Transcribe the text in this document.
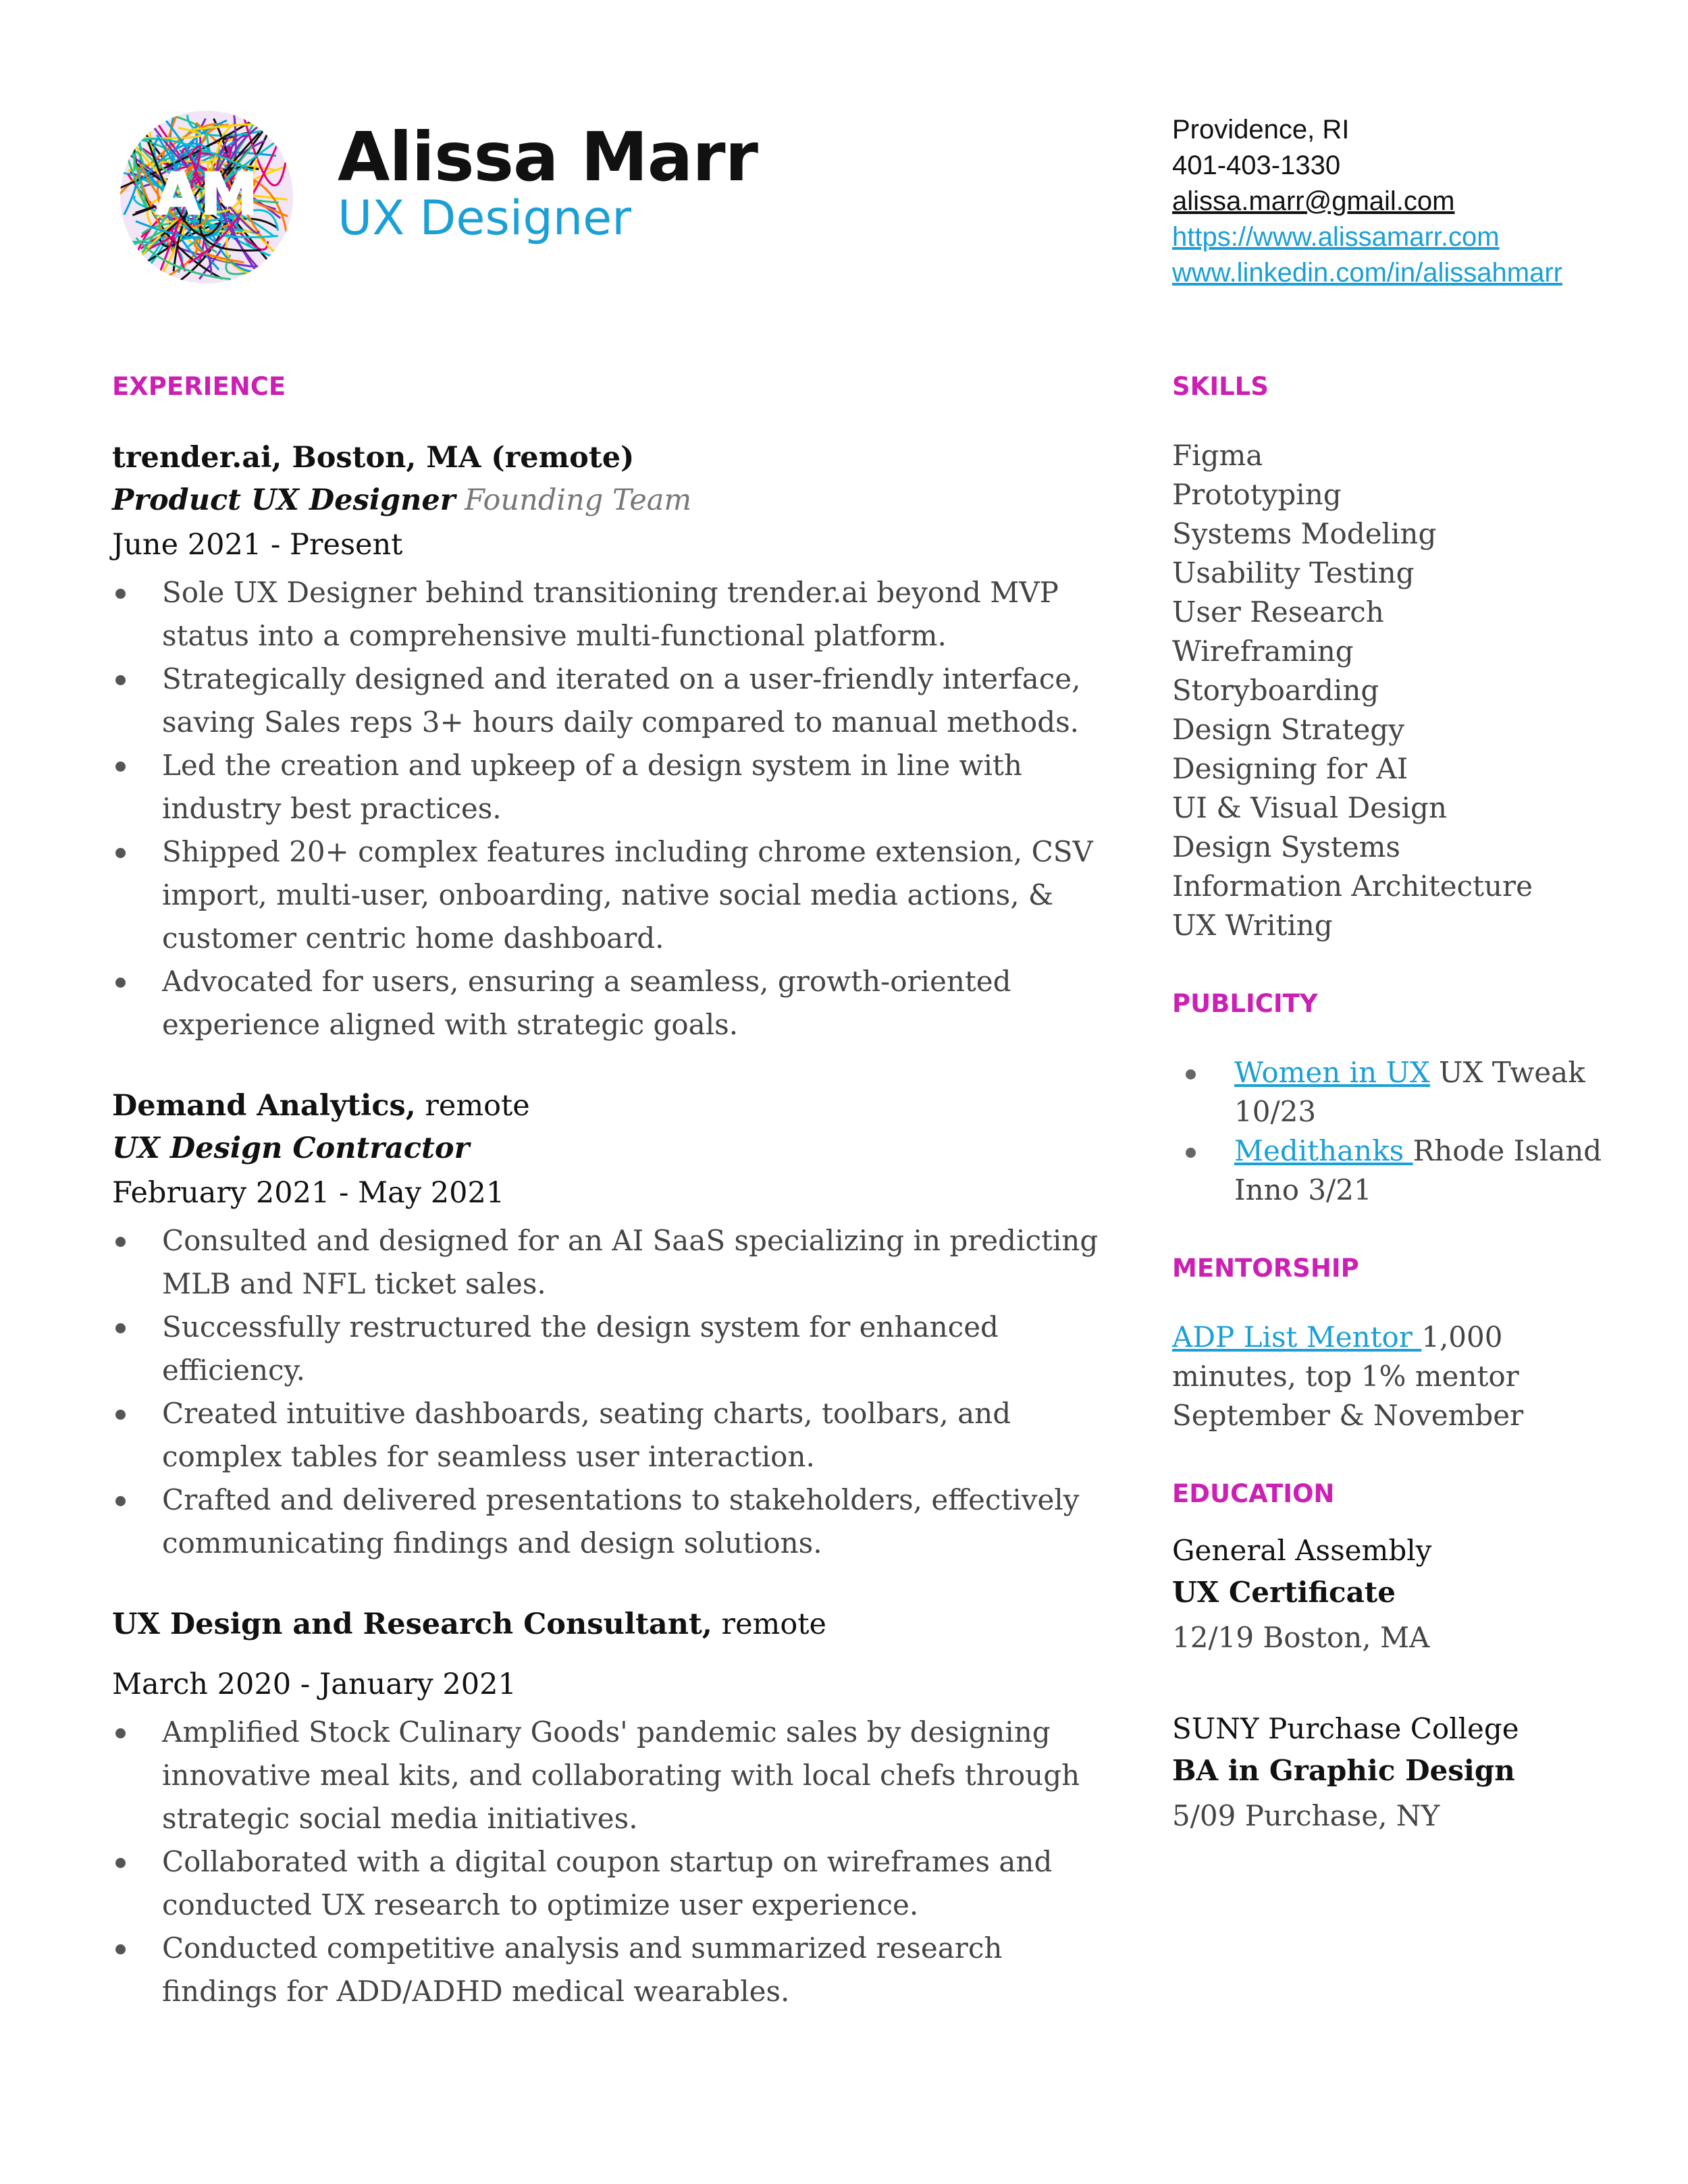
AM Alissa Marr
UX Designer
Providence, RI
401-403-1330
alissa.marr@gmail.com
https://www.alissamarr.com
www.linkedin.com/in/alissahmarr
EXPERIENCE
trender.ai, Boston, MA (remote)
Product UX Designer Founding Team
June 2021 - Present
Sole UX Designer behind transitioning trender.ai beyond MVP status into a comprehensive multi-functional platform.
Strategically designed and iterated on a user-friendly interface, saving Sales reps 3+ hours daily compared to manual methods.
Led the creation and upkeep of a design system in line with industry best practices.
Shipped 20+ complex features including chrome extension, CSV import, multi-user, onboarding, native social media actions, & customer centric home dashboard.
Advocated for users, ensuring a seamless, growth-oriented experience aligned with strategic goals.
Demand Analytics, remote
UX Design Contractor
February 2021 - May 2021
Consulted and designed for an AI SaaS specializing in predicting MLB and NFL ticket sales.
Successfully restructured the design system for enhanced efficiency.
Created intuitive dashboards, seating charts, toolbars, and complex tables for seamless user interaction.
Crafted and delivered presentations to stakeholders, effectively communicating findings and design solutions.
UX Design and Research Consultant, remote
March 2020 - January 2021
Amplified Stock Culinary Goods' pandemic sales by designing innovative meal kits, and collaborating with local chefs through strategic social media initiatives.
Collaborated with a digital coupon startup on wireframes and conducted UX research to optimize user experience.
Conducted competitive analysis and summarized research findings for ADD/ADHD medical wearables.
SKILLS
Figma
Prototyping
Systems Modeling
Usability Testing
User Research
Wireframing
Storyboarding
Design Strategy
Designing for AI
UI & Visual Design
Design Systems
Information Architecture
UX Writing
PUBLICITY
Women in UX UX Tweak 10/23
Medithanks Rhode Island Inno 3/21
MENTORSHIP
ADP List Mentor 1,000 minutes, top 1% mentor September & November
EDUCATION
General Assembly
UX Certificate
12/19 Boston, MA
SUNY Purchase College
BA in Graphic Design
5/09 Purchase, NY
